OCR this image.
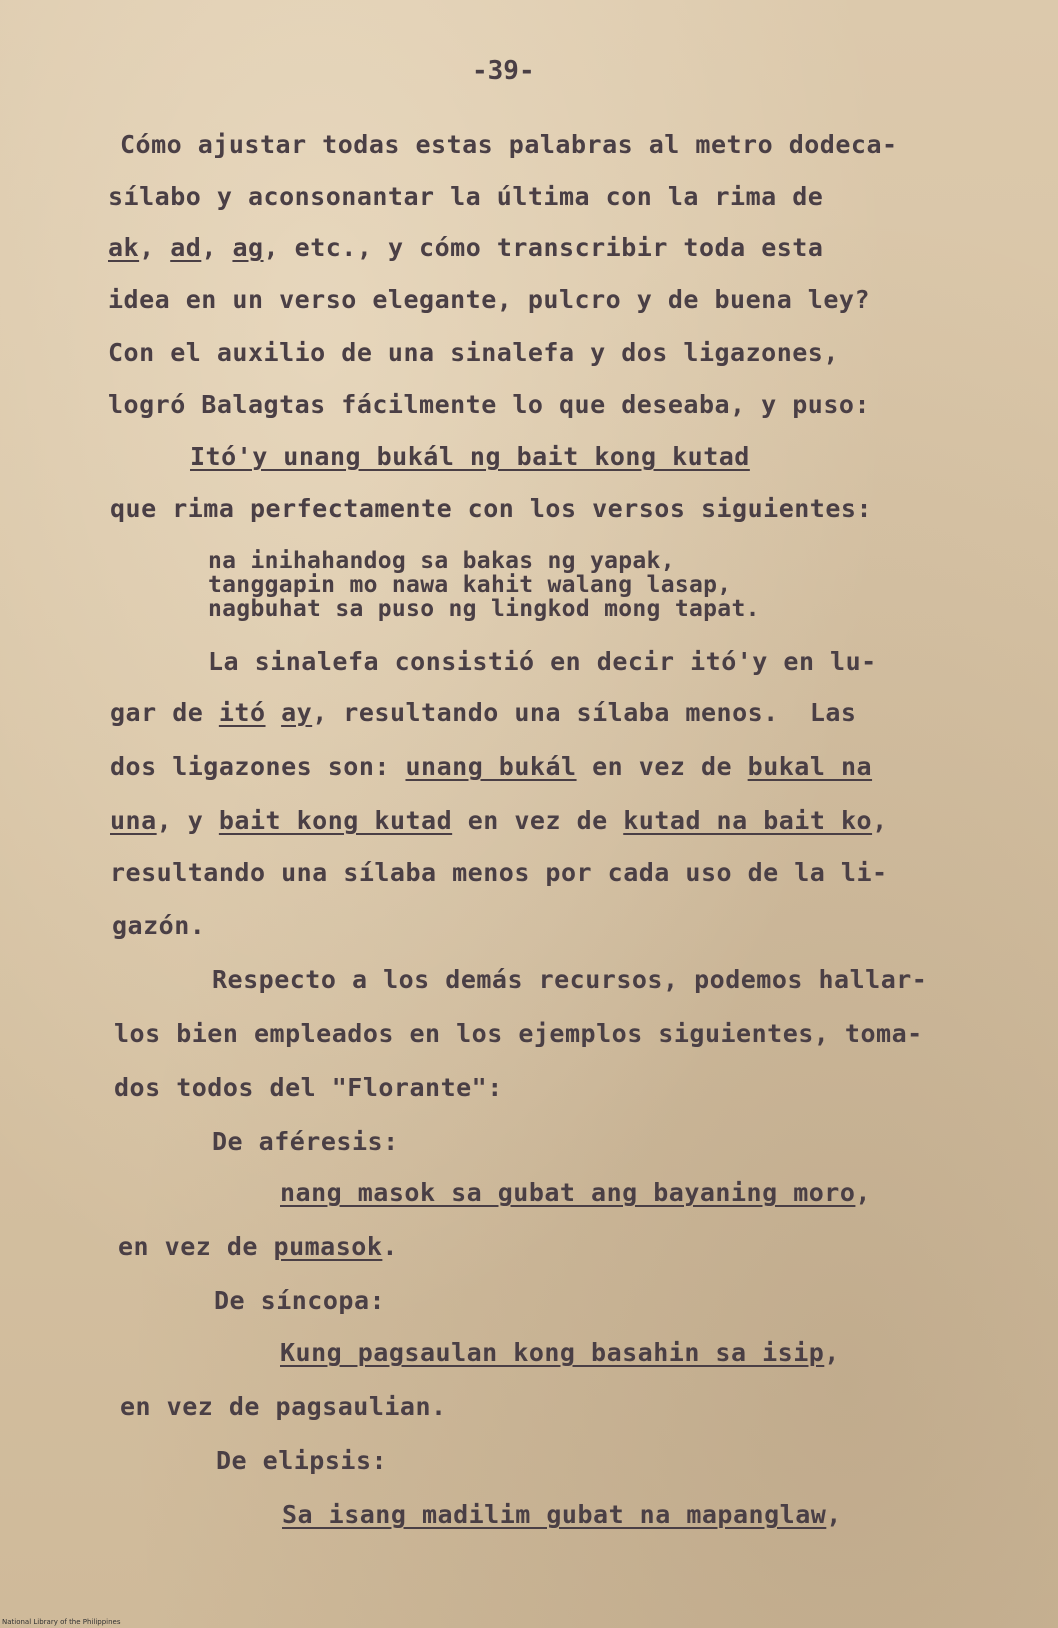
-39-
Cómo ajustar todas estas palabras al metro dodeca-
sílabo y aconsonantar la última con la rima de
ak, ad, ag, etc., y cómo transcribir toda esta
idea en un verso elegante, pulcro y de buena ley?
Con el auxilio de una sinalefa y dos ligazones,
logró Balagtas fácilmente lo que deseaba, y puso:
Itó'y unang bukál ng bait kong kutad
que rima perfectamente con los versos siguientes:
na inihahandog sa bakas ng yapak,
tanggapin mo nawa kahit walang lasap,
nagbuhat sa puso ng lingkod mong tapat.
La sinalefa consistió en decir itó'y en lu-
gar de itó ay, resultando una sílaba menos.  Las
dos ligazones son: unang bukál en vez de bukal na
una, y bait kong kutad en vez de kutad na bait ko,
resultando una sílaba menos por cada uso de la li-
gazón.
Respecto a los demás recursos, podemos hallar-
los bien empleados en los ejemplos siguientes, toma-
dos todos del "Florante":
De aféresis:
nang masok sa gubat ang bayaning moro,
en vez de pumasok.
De síncopa:
Kung pagsaulan kong basahin sa isip,
en vez de pagsaulian.
De elipsis:
Sa isang madilim gubat na mapanglaw,
National Library of the Philippines
